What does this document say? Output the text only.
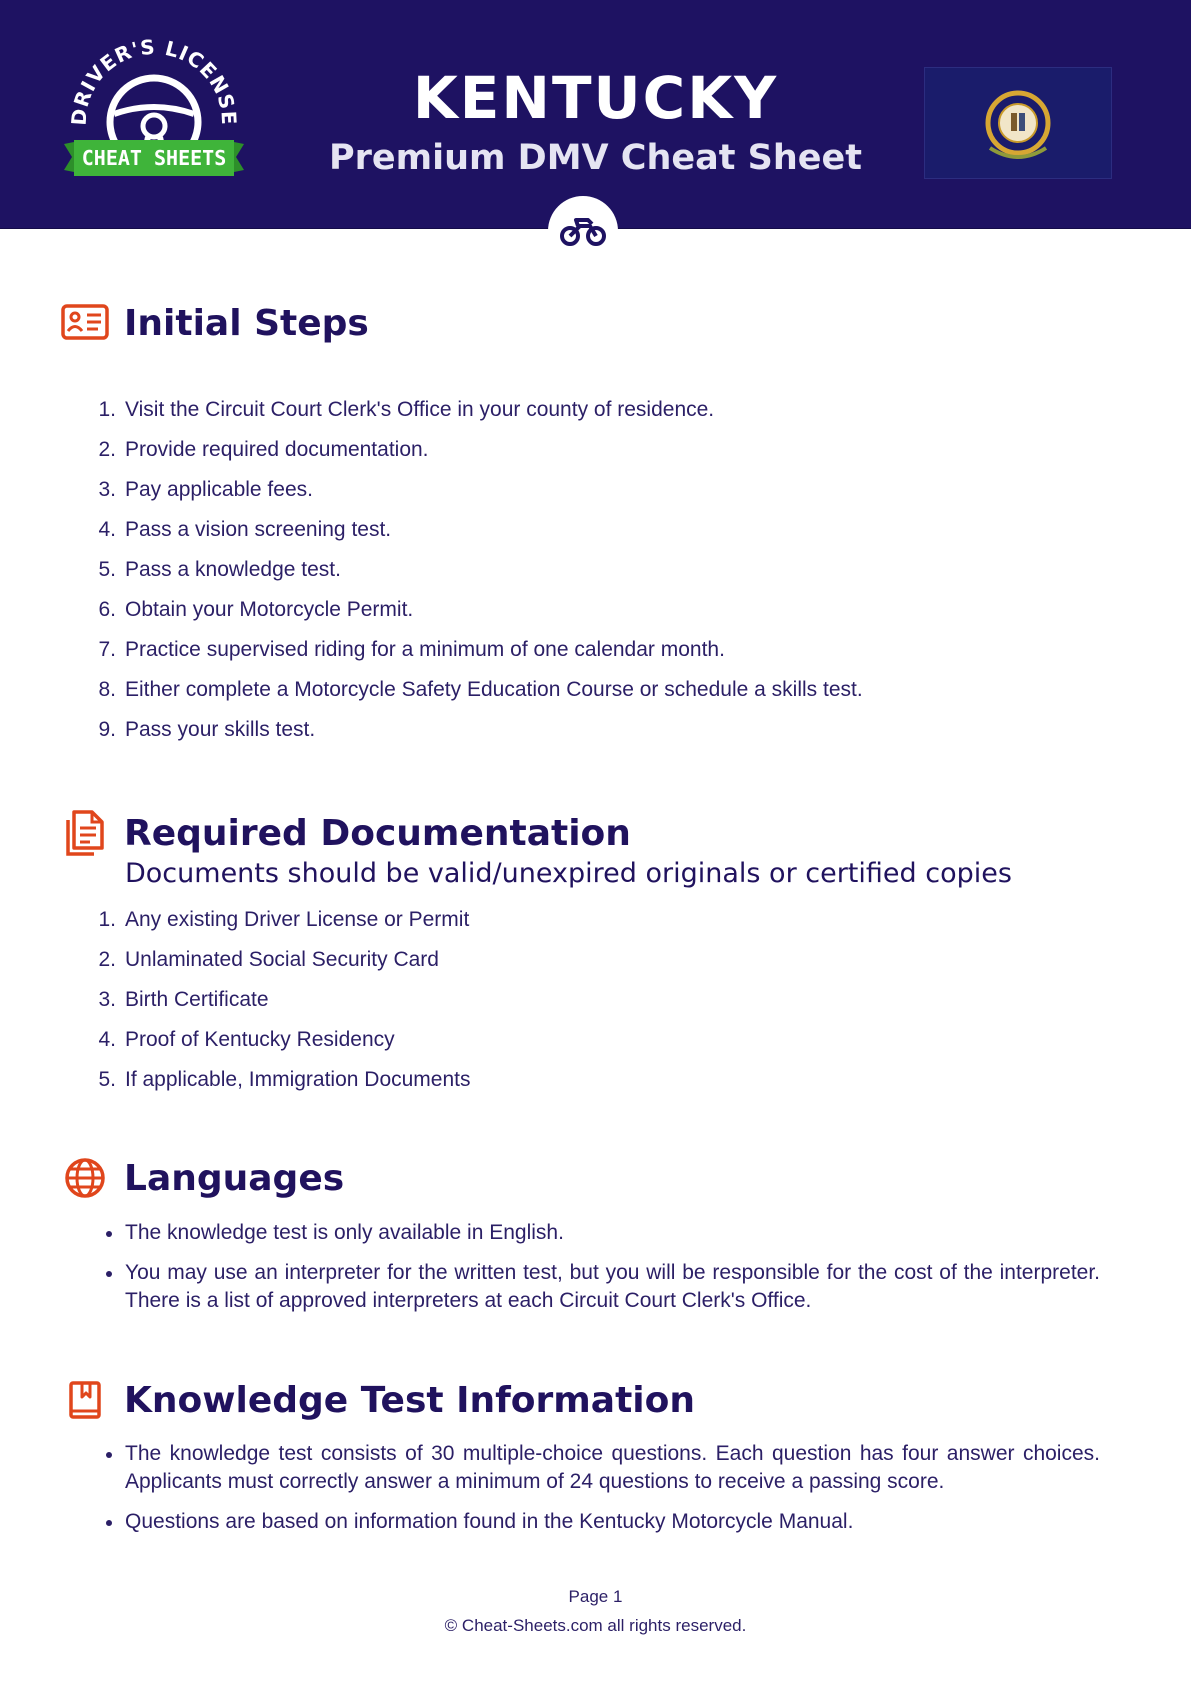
DRIVER'S LICENSE
CHEAT SHEETS
KENTUCKY
Premium DMV Cheat Sheet
Initial Steps
1. Visit the Circuit Court Clerk's Office in your county of residence.
2. Provide required documentation.
3. Pay applicable fees.
4. Pass a vision screening test.
5. Pass a knowledge test.
6. Obtain your Motorcycle Permit.
7. Practice supervised riding for a minimum of one calendar month.
8. Either complete a Motorcycle Safety Education Course or schedule a skills test.
9. Pass your skills test.
Required Documentation
Documents should be valid/unexpired originals or certified copies
1. Any existing Driver License or Permit
2. Unlaminated Social Security Card
3. Birth Certificate
4. Proof of Kentucky Residency
5. If applicable, Immigration Documents
Languages
The knowledge test is only available in English.
You may use an interpreter for the written test, but you will be responsible for the cost of the interpreter. There is a list of approved interpreters at each Circuit Court Clerk's Office.
Knowledge Test Information
The knowledge test consists of 30 multiple-choice questions. Each question has four answer choices. Applicants must correctly answer a minimum of 24 questions to receive a passing score.
Questions are based on information found in the Kentucky Motorcycle Manual.
Page 1
© Cheat-Sheets.com all rights reserved.
